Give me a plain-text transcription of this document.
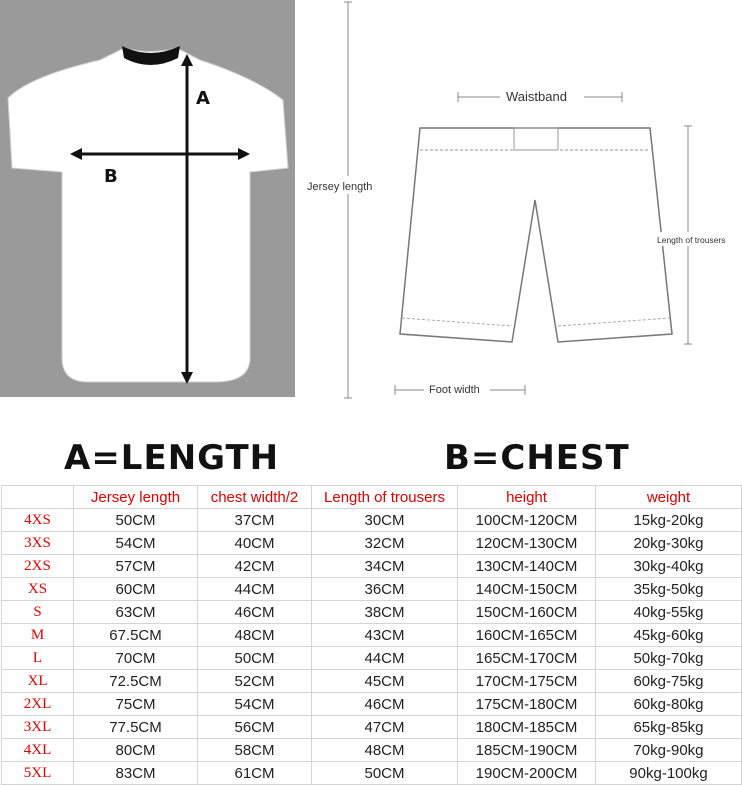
A
B	Jersey length
Waistband
Length of trousers
Foot width
A=LENGTH	B=CHEST
	Jersey length	chest width/2	Length of trousers	height	weight
4XS	50CM	37CM	30CM	100CM-120CM	15kg-20kg
3XS	54CM	40CM	32CM	120CM-130CM	20kg-30kg
2XS	57CM	42CM	34CM	130CM-140CM	30kg-40kg
XS	60CM	44CM	36CM	140CM-150CM	35kg-50kg
S	63CM	46CM	38CM	150CM-160CM	40kg-55kg
M	67.5CM	48CM	43CM	160CM-165CM	45kg-60kg
L	70CM	50CM	44CM	165CM-170CM	50kg-70kg
XL	72.5CM	52CM	45CM	170CM-175CM	60kg-75kg
2XL	75CM	54CM	46CM	175CM-180CM	60kg-80kg
3XL	77.5CM	56CM	47CM	180CM-185CM	65kg-85kg
4XL	80CM	58CM	48CM	185CM-190CM	70kg-90kg
5XL	83CM	61CM	50CM	190CM-200CM	90kg-100kg
